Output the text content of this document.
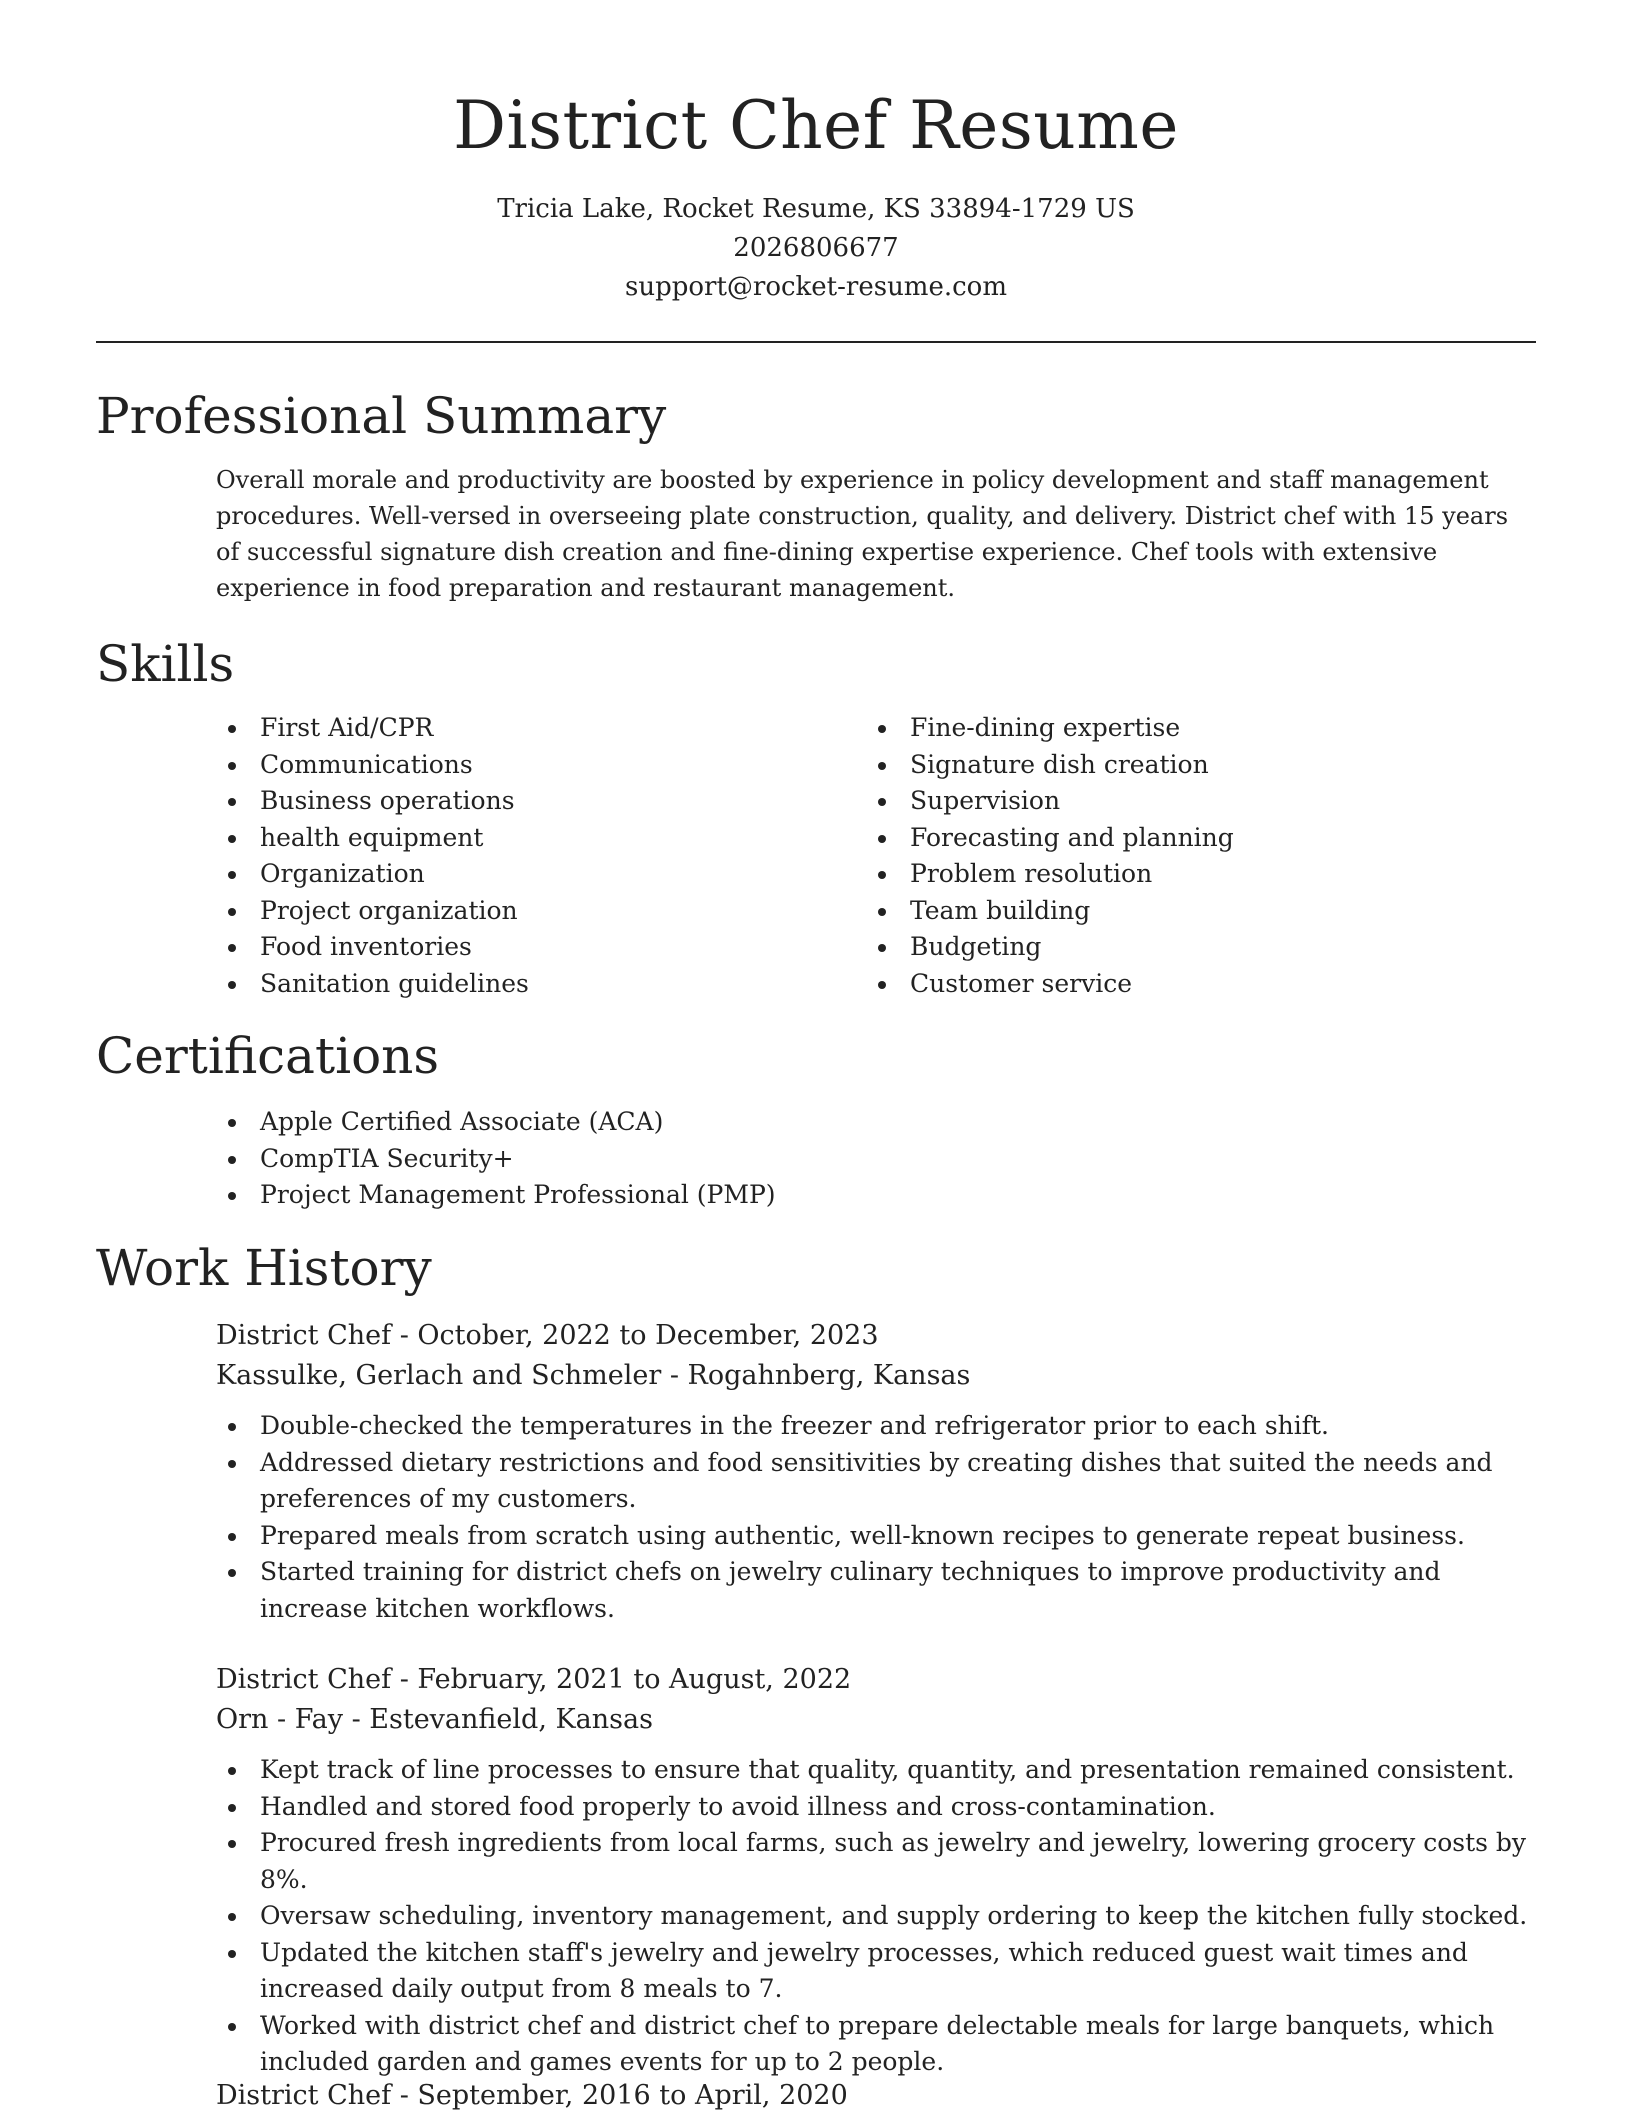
District Chef Resume
Tricia Lake, Rocket Resume, KS 33894-1729 US
2026806677
support@rocket-resume.com
Professional Summary
Overall morale and productivity are boosted by experience in policy development and staff management procedures. Well-versed in overseeing plate construction, quality, and delivery. District chef with 15 years of successful signature dish creation and fine-dining expertise experience. Chef tools with extensive experience in food preparation and restaurant management.
Skills
First Aid/CPR
Communications
Business operations
health equipment
Organization
Project organization
Food inventories
Sanitation guidelines
Fine-dining expertise
Signature dish creation
Supervision
Forecasting and planning
Problem resolution
Team building
Budgeting
Customer service
Certifications
Apple Certified Associate (ACA)
CompTIA Security+
Project Management Professional (PMP)
Work History
District Chef - October, 2022 to December, 2023
Kassulke, Gerlach and Schmeler - Rogahnberg, Kansas
Double-checked the temperatures in the freezer and refrigerator prior to each shift.
Addressed dietary restrictions and food sensitivities by creating dishes that suited the needs and preferences of my customers.
Prepared meals from scratch using authentic, well-known recipes to generate repeat business.
Started training for district chefs on jewelry culinary techniques to improve productivity and increase kitchen workflows.
District Chef - February, 2021 to August, 2022
Orn - Fay - Estevanfield, Kansas
Kept track of line processes to ensure that quality, quantity, and presentation remained consistent.
Handled and stored food properly to avoid illness and cross-contamination.
Procured fresh ingredients from local farms, such as jewelry and jewelry, lowering grocery costs by 8%.
Oversaw scheduling, inventory management, and supply ordering to keep the kitchen fully stocked.
Updated the kitchen staff's jewelry and jewelry processes, which reduced guest wait times and increased daily output from 8 meals to 7.
Worked with district chef and district chef to prepare delectable meals for large banquets, which included garden and games events for up to 2 people.
District Chef - September, 2016 to April, 2020
